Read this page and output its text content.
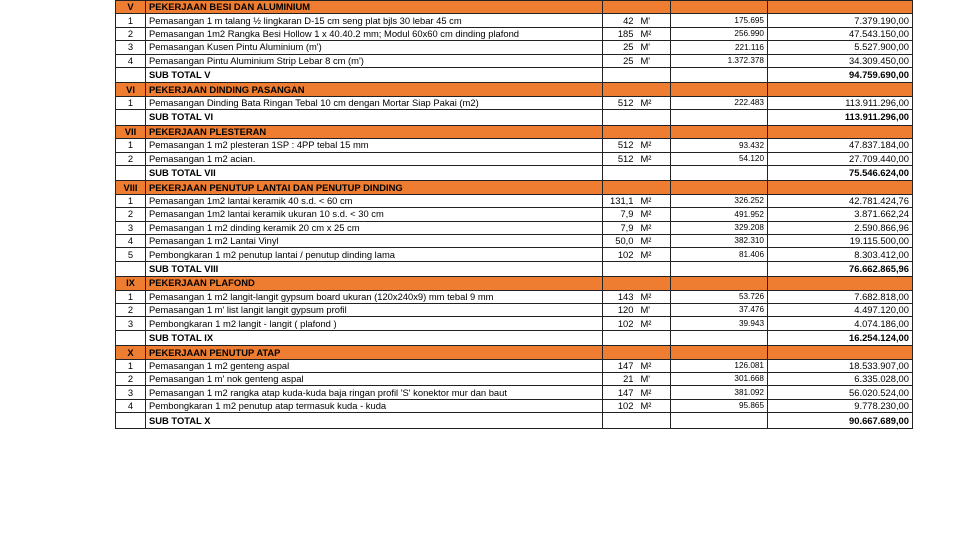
V	PEKERJAAN BESI DAN ALUMINIUM				
1	Pemasangan 1 m talang ½ lingkaran D-15 cm seng plat bjls 30 lebar 45 cm	42	M'	175.695	7.379.190,00
2	Pemasangan 1m2 Rangka Besi Hollow 1 x 40.40.2 mm; Modul 60x60 cm dinding plafond	185	M²	256.990	47.543.150,00
3	Pemasangan Kusen Pintu Aluminium (m')	25	M'	221.116	5.527.900,00
4	Pemasangan Pintu Aluminium Strip Lebar 8 cm (m')	25	M'	1.372.378	34.309.450,00
	SUB TOTAL V				94.759.690,00
VI	PEKERJAAN DINDING PASANGAN				
1	Pemasangan Dinding Bata Ringan Tebal 10 cm dengan Mortar Siap Pakai (m2)	512	M²	222.483	113.911.296,00
	SUB TOTAL VI				113.911.296,00
VII	PEKERJAAN PLESTERAN				
1	Pemasangan 1 m2 plesteran 1SP : 4PP tebal 15 mm	512	M²	93.432	47.837.184,00
2	Pemasangan 1 m2 acian.	512	M²	54.120	27.709.440,00
	SUB TOTAL VII				75.546.624,00
VIII	PEKERJAAN PENUTUP LANTAI DAN PENUTUP DINDING				
1	Pemasangan 1m2 lantai keramik 40 s.d. < 60 cm	131,1	M²	326.252	42.781.424,76
2	Pemasangan 1m2 lantai keramik ukuran 10 s.d. < 30 cm	7,9	M²	491.952	3.871.662,24
3	Pemasangan 1 m2 dinding keramik 20 cm x 25 cm	7,9	M²	329.208	2.590.866,96
4	Pemasangan 1 m2 Lantai Vinyl	50,0	M²	382.310	19.115.500,00
5	Pembongkaran 1 m2 penutup lantai / penutup dinding lama	102	M²	81.406	8.303.412,00
	SUB TOTAL VIII				76.662.865,96
IX	PEKERJAAN PLAFOND				
1	Pemasangan 1 m2 langit-langit gypsum board ukuran (120x240x9) mm tebal 9 mm	143	M²	53.726	7.682.818,00
2	Pemasangan 1 m' list langit langit gypsum profil	120	M'	37.476	4.497.120,00
3	Pembongkaran 1 m2 langit - langit ( plafond )	102	M²	39.943	4.074.186,00
	SUB TOTAL IX				16.254.124,00
X	PEKERJAAN PENUTUP ATAP				
1	Pemasangan 1 m2 genteng aspal	147	M²	126.081	18.533.907,00
2	Pemasangan 1 m' nok genteng aspal	21	M'	301.668	6.335.028,00
3	Pemasangan 1 m2 rangka atap kuda-kuda baja ringan profil 'S' konektor mur dan baut	147	M²	381.092	56.020.524,00
4	Pembongkaran 1 m2 penutup atap termasuk kuda - kuda	102	M²	95.865	9.778.230,00
	SUB TOTAL X				90.667.689,00
